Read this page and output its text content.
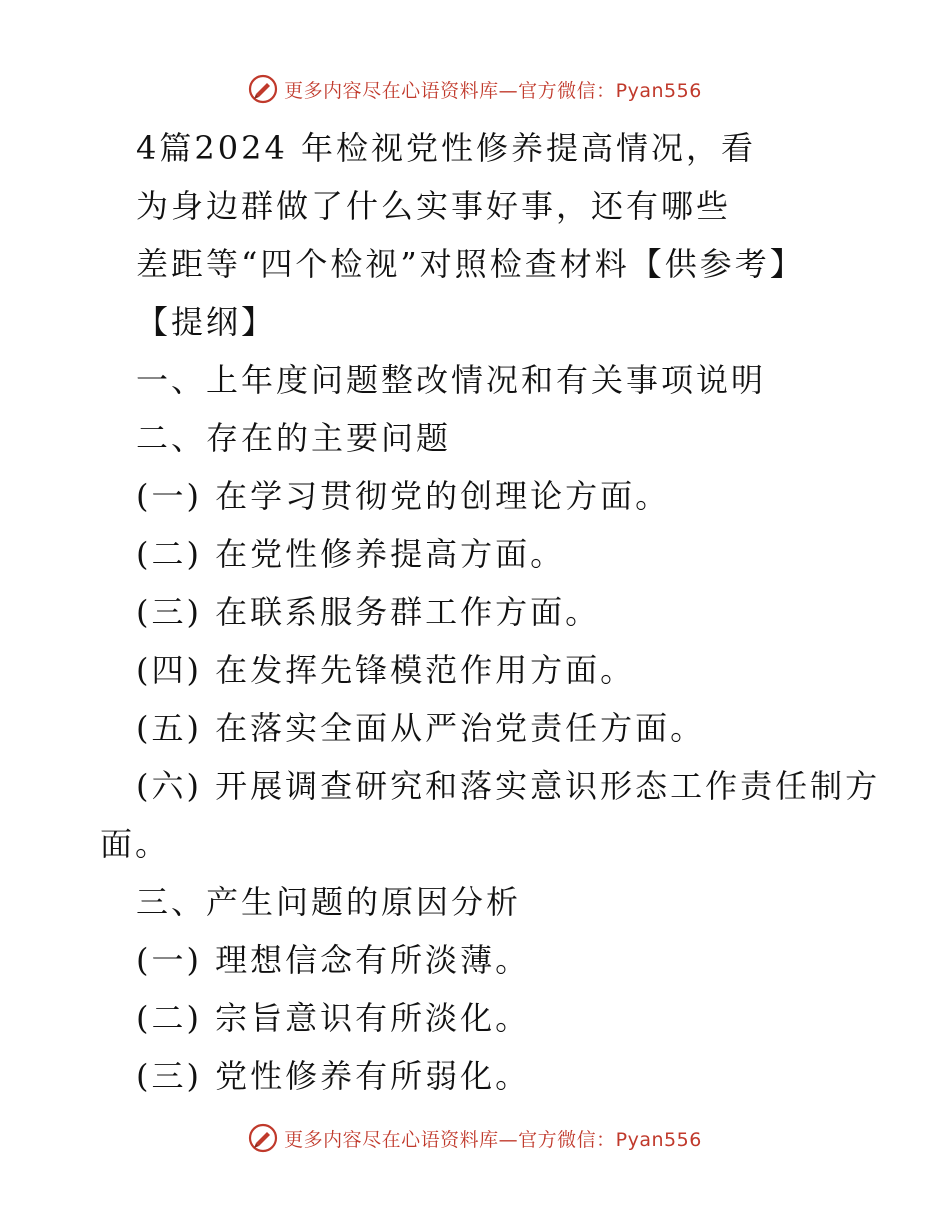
更多内容尽在心语资料库—官方微信：Pyan556
4篇2024 年检视党性修养提高情况，看
为身边群做了什么实事好事，还有哪些
差距等“四个检视”对照检查材料【供参考】
【提纲】
一、上年度问题整改情况和有关事项说明
二、存在的主要问题
(一) 在学习贯彻党的创理论方面。
(二) 在党性修养提高方面。
(三) 在联系服务群工作方面。
(四) 在发挥先锋模范作用方面。
(五) 在落实全面从严治党责任方面。
(六) 开展调查研究和落实意识形态工作责任制方
面。
三、产生问题的原因分析
(一) 理想信念有所淡薄。
(二) 宗旨意识有所淡化。
(三) 党性修养有所弱化。
更多内容尽在心语资料库—官方微信：Pyan556
